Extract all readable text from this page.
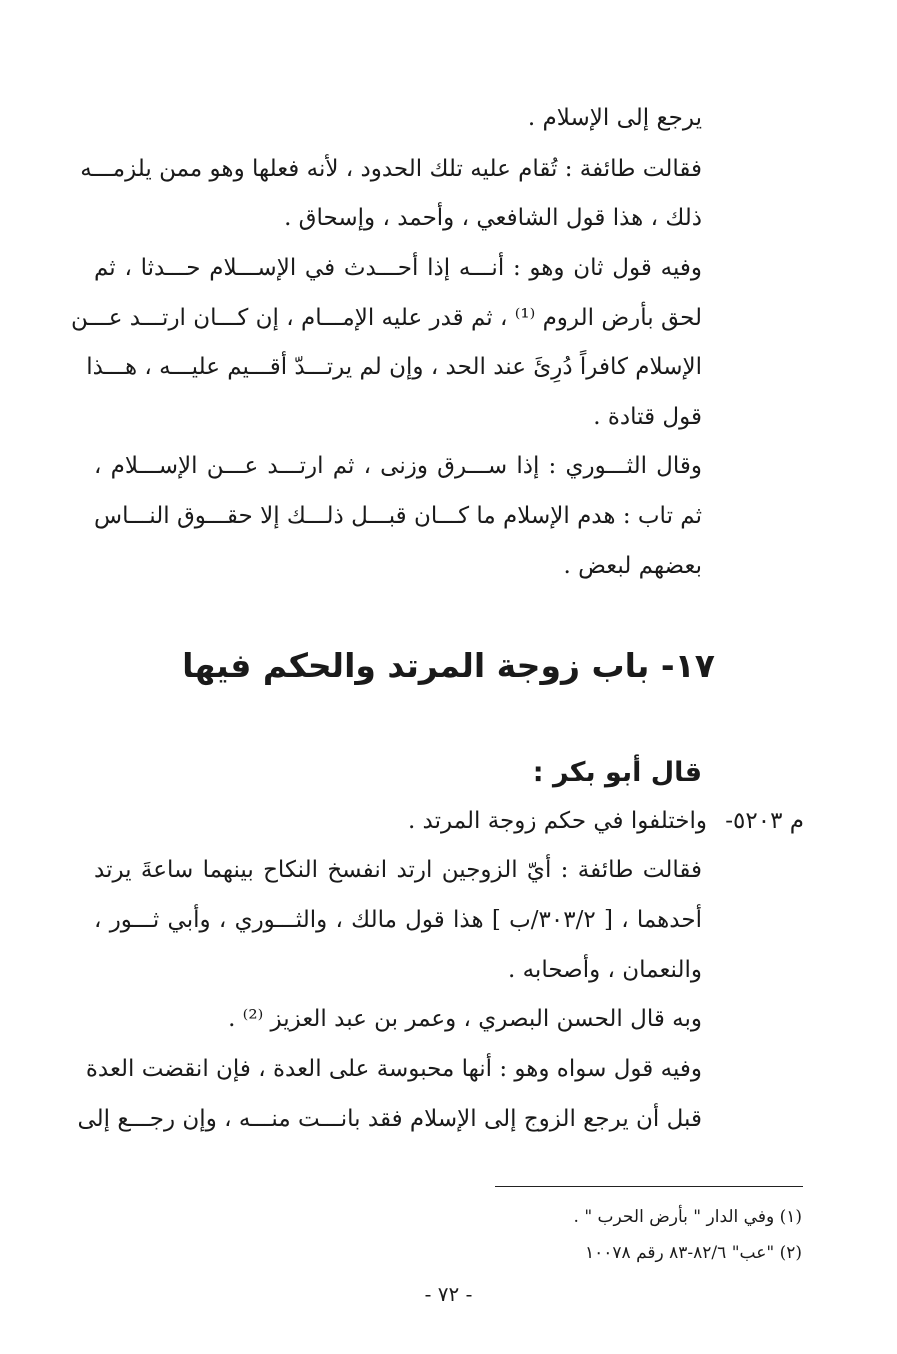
يرجع إلى الإسلام .
فقالت طائفة : تُقام عليه تلك الحدود ، لأنه فعلها وهو ممن يلزمـــه
ذلك ، هذا قول الشافعي ، وأحمد ، وإسحاق .
وفيه قول ثان وهو : أنـــه إذا أحـــدث في الإســـلام حـــدثا ، ثم
لحق بأرض الروم ⁽¹⁾ ، ثم قدر عليه الإمـــام ، إن كـــان ارتـــد عـــن
الإسلام كافراً دُرِئَ عند الحد ، وإن لم يرتـــدّ أقـــيم عليـــه ، هـــذا
قول قتادة .
وقال الثـــوري : إذا ســـرق وزنى ، ثم ارتـــد عـــن الإســـلام ،
ثم تاب : هدم الإسلام ما كـــان قبـــل ذلـــك إلا حقـــوق النـــاس
بعضهم لبعض .
١٧- باب زوجة المرتد والحكم فيها
قال أبو بكر :
م ٥٢٠٣-
واختلفوا في حكم زوجة المرتد .
فقالت طائفة : أيّ الزوجين ارتد انفسخ النكاح بينهما ساعةَ يرتد
أحدهما ، [ ٣٠٣/٢/ب ] هذا قول مالك ، والثـــوري ، وأبي ثـــور ،
والنعمان ، وأصحابه .
وبه قال الحسن البصري ، وعمر بن عبد العزيز ⁽²⁾ .
وفيه قول سواه وهو : أنها محبوسة على العدة ، فإن انقضت العدة
قبل أن يرجع الزوج إلى الإسلام فقد بانـــت منـــه ، وإن رجـــع إلى
(١) وفي الدار " بأرض الحرب " .
(٢) "عب" ٨٢/٦-٨٣ رقم ١٠٠٧٨
- ٧٢ -
